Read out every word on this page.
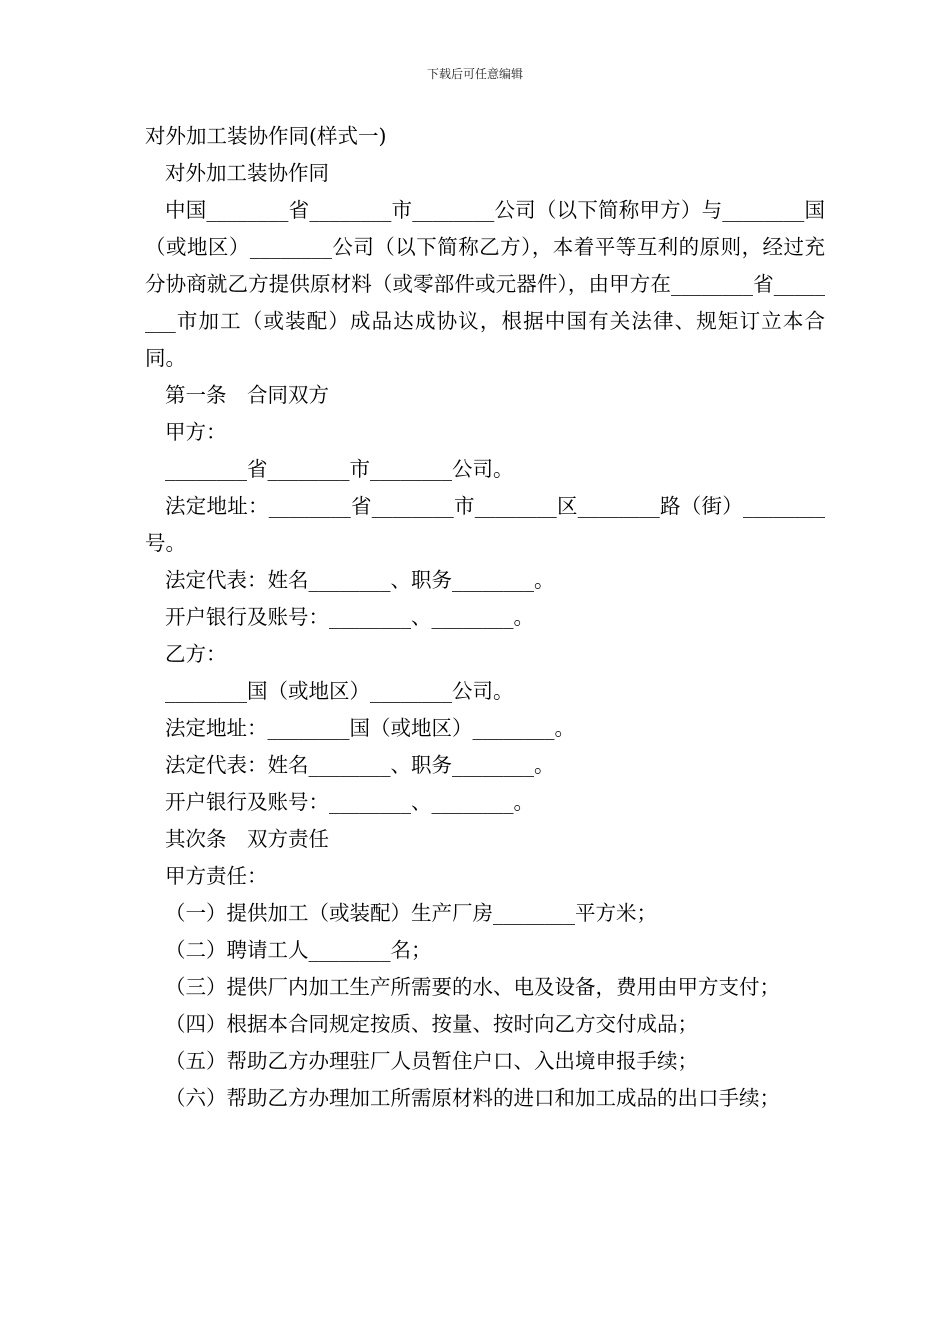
下载后可任意编辑

对外加工装协作同(样式一)

对外加工装协作同

中国________省________市________公司（以下简称甲方）与________国（或地区）________公司（以下简称乙方），本着平等互利的原则，经过充分协商就乙方提供原材料（或零部件或元器件），由甲方在________省________市加工（或装配）成品达成协议，根据中国有关法律、规矩订立本合同。

第一条　合同双方

甲方：

________省________市________公司。

法定地址：________省________市________区________路（街）________号。

法定代表：姓名________、职务________。

开户银行及账号：________、________。

乙方：

________国（或地区）________公司。

法定地址：________国（或地区）________。

法定代表：姓名________、职务________。

开户银行及账号：________、________。

其次条　双方责任

甲方责任：

（一）提供加工（或装配）生产厂房________平方米；

（二）聘请工人________名；

（三）提供厂内加工生产所需要的水、电及设备，费用由甲方支付；

（四）根据本合同规定按质、按量、按时向乙方交付成品；

（五）帮助乙方办理驻厂人员暂住户口、入出境申报手续；

（六）帮助乙方办理加工所需原材料的进口和加工成品的出口手续；
